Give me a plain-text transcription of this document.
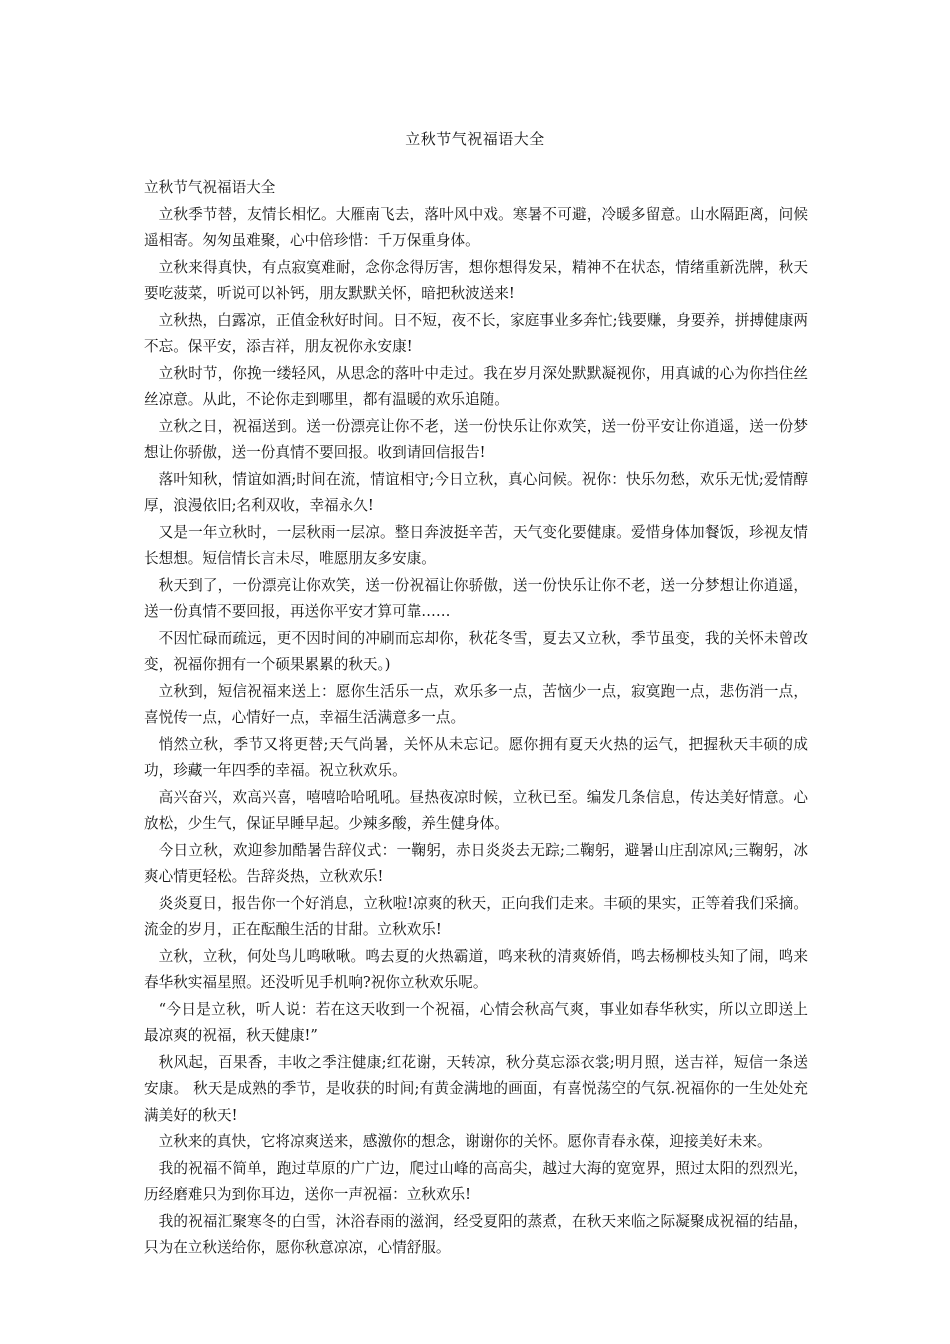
立秋节气祝福语大全

立秋节气祝福语大全

立秋季节替，友情长相忆。大雁南飞去，落叶风中戏。寒暑不可避，冷暖多留意。山水隔距离，问候遥相寄。匆匆虽难聚，心中倍珍惜：千万保重身体。

立秋来得真快，有点寂寞难耐，念你念得厉害，想你想得发呆，精神不在状态，情绪重新洗牌，秋天要吃菠菜，听说可以补钙，朋友默默关怀，暗把秋波送来!

立秋热，白露凉，正值金秋好时间。日不短，夜不长，家庭事业多奔忙;钱要赚，身要养，拼搏健康两不忘。保平安，添吉祥，朋友祝你永安康!

立秋时节，你挽一缕轻风，从思念的落叶中走过。我在岁月深处默默凝视你，用真诚的心为你挡住丝丝凉意。从此，不论你走到哪里，都有温暖的欢乐追随。

立秋之日，祝福送到。送一份漂亮让你不老，送一份快乐让你欢笑，送一份平安让你逍遥，送一份梦想让你骄傲，送一份真情不要回报。收到请回信报告!

落叶知秋，情谊如酒;时间在流，情谊相守;今日立秋，真心问候。祝你：快乐勿愁，欢乐无忧;爱情醇厚，浪漫依旧;名利双收，幸福永久!

又是一年立秋时，一层秋雨一层凉。整日奔波挺辛苦，天气变化要健康。爱惜身体加餐饭，珍视友情长想想。短信情长言未尽，唯愿朋友多安康。

秋天到了，一份漂亮让你欢笑，送一份祝福让你骄傲，送一份快乐让你不老，送一分梦想让你逍遥，送一份真情不要回报，再送你平安才算可靠……

不因忙碌而疏远，更不因时间的冲刷而忘却你，秋花冬雪，夏去又立秋，季节虽变，我的关怀未曾改变，祝福你拥有一个硕果累累的秋天。)

立秋到，短信祝福来送上：愿你生活乐一点，欢乐多一点，苦恼少一点，寂寞跑一点，悲伤消一点，喜悦传一点，心情好一点，幸福生活满意多一点。

悄然立秋，季节又将更替;天气尚暑，关怀从未忘记。愿你拥有夏天火热的运气，把握秋天丰硕的成功，珍藏一年四季的幸福。祝立秋欢乐。

高兴奋兴，欢高兴喜，嘻嘻哈哈吼吼。昼热夜凉时候，立秋已至。编发几条信息，传达美好情意。心放松，少生气，保证早睡早起。少辣多酸，养生健身体。

今日立秋，欢迎参加酷暑告辞仪式：一鞠躬，赤日炎炎去无踪;二鞠躬，避暑山庄刮凉风;三鞠躬，冰爽心情更轻松。告辞炎热，立秋欢乐!

炎炎夏日，报告你一个好消息，立秋啦!凉爽的秋天，正向我们走来。丰硕的果实，正等着我们采摘。流金的岁月，正在酝酿生活的甘甜。立秋欢乐!

立秋，立秋，何处鸟儿鸣啾啾。鸣去夏的火热霸道，鸣来秋的清爽娇俏，鸣去杨柳枝头知了闹，鸣来春华秋实福星照。还没听见手机响?祝你立秋欢乐呢。

“今日是立秋，听人说：若在这天收到一个祝福，心情会秋高气爽，事业如春华秋实，所以立即送上最凉爽的祝福，秋天健康!”

秋风起，百果香，丰收之季注健康;红花谢，天转凉，秋分莫忘添衣裳;明月照，送吉祥，短信一条送安康。 秋天是成熟的季节，是收获的时间;有黄金满地的画面，有喜悦荡空的气氛.祝福你的一生处处充满美好的秋天!

立秋来的真快，它将凉爽送来，感激你的想念，谢谢你的关怀。愿你青春永葆，迎接美好未来。

我的祝福不简单，跑过草原的广广边，爬过山峰的高高尖，越过大海的宽宽界，照过太阳的烈烈光，历经磨难只为到你耳边，送你一声祝福：立秋欢乐!

我的祝福汇聚寒冬的白雪，沐浴春雨的滋润，经受夏阳的蒸煮，在秋天来临之际凝聚成祝福的结晶，只为在立秋送给你，愿你秋意凉凉，心情舒服。
